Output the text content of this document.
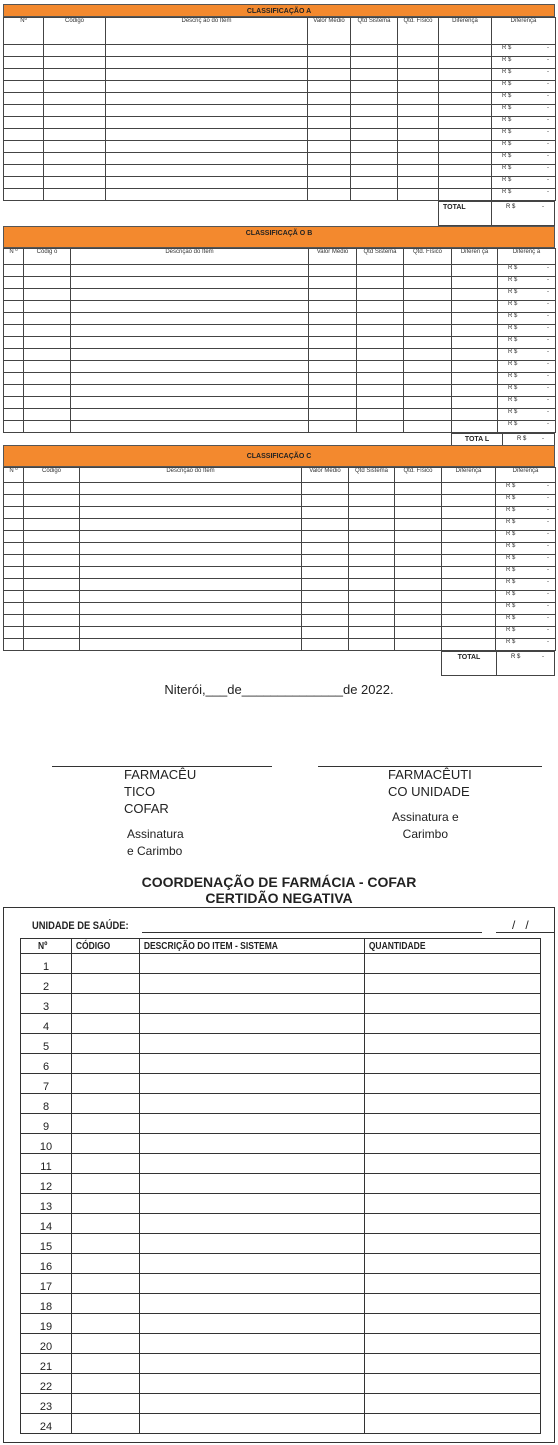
CLASSIFICAÇÃO A
Nº	Código	Descriç ão do Item	Valor Médio	Qtd Sistema	Qtd. Físico	Diferença	Diferença

							R $ -

							R $ -

							R $ -

							R $ -

							R $ -

							R $ -

							R $ -

							R $ -

							R $ -

							R $ -

							R $ -

							R $ -

							R $ -
TOTAL	R $	-
CLASSIFICAÇÃ O B
N º	Códig o	Descrição do Item	Valor Médio	Qtd Sistema	Qtd. Físico	Diferen ça	Diferenç a

							R $ -

							R $ -

							R $ -

							R $ -

							R $ -

							R $ -

							R $ -

							R $ -

							R $ -

							R $ -

							R $ -

							R $ -

							R $ -

							R $ -
TOTA L	R $	-
CLASSIFICAÇÃO C
N º	Código	Descrição do Item	Valor Médio	Qtd Sistema	Qtd. Físico	Diferença	Diferença

							R $ -

							R $ -

							R $ -

							R $ -

							R $ -

							R $ -

							R $ -

							R $ -

							R $ -

							R $ -

							R $ -

							R $ -

							R $ -

							R $ -
TOTAL	R $	-
Niterói,___de______________de 2022.
FARMACÊU
TICO
COFAR
Assinatura
e Carimbo
FARMACÊUTI
CO UNIDADE
Assinatura e
Carimbo
COORDENAÇÃO DE FARMÁCIA - COFAR
CERTIDÃO NEGATIVA
UNIDADE DE SAÚDE:	/   /
Nº	CÓDIGO	DESCRIÇÃO DO ITEM - SISTEMA	QUANTIDADE
1			
2			
3			
4			
5			
6			
7			
8			
9			
10			
11			
12			
13			
14			
15			
16			
17			
18			
19			
20			
21			
22			
23			
24			
